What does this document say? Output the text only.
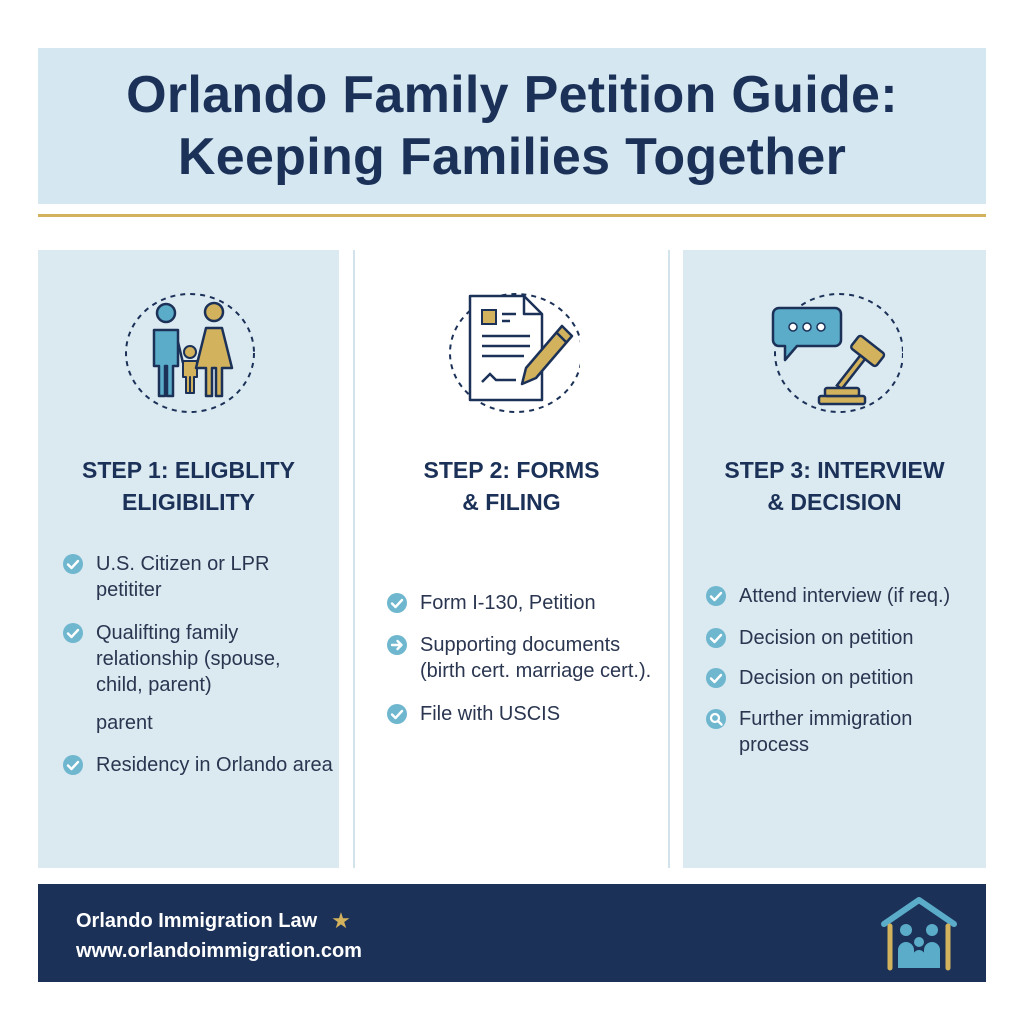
Orlando Family Petition Guide:
Keeping Families Together
STEP 1: ELIGBLITY
ELIGIBILITY
U.S. Citizen or LPR
petititer
Qualifting family
relationship (spouse,
child, parent)
parent
Residency in Orlando area
STEP 2: FORMS
& FILING
Form I-130, Petition
Supporting documents
(birth cert. marriage cert.).
File with USCIS
STEP 3: INTERVIEW
& DECISION
Attend interview (if req.)
Decision on petition
Decision on petition
Further immigration process
Orlando Immigration Law ★
www.orlandoimmigration.com
